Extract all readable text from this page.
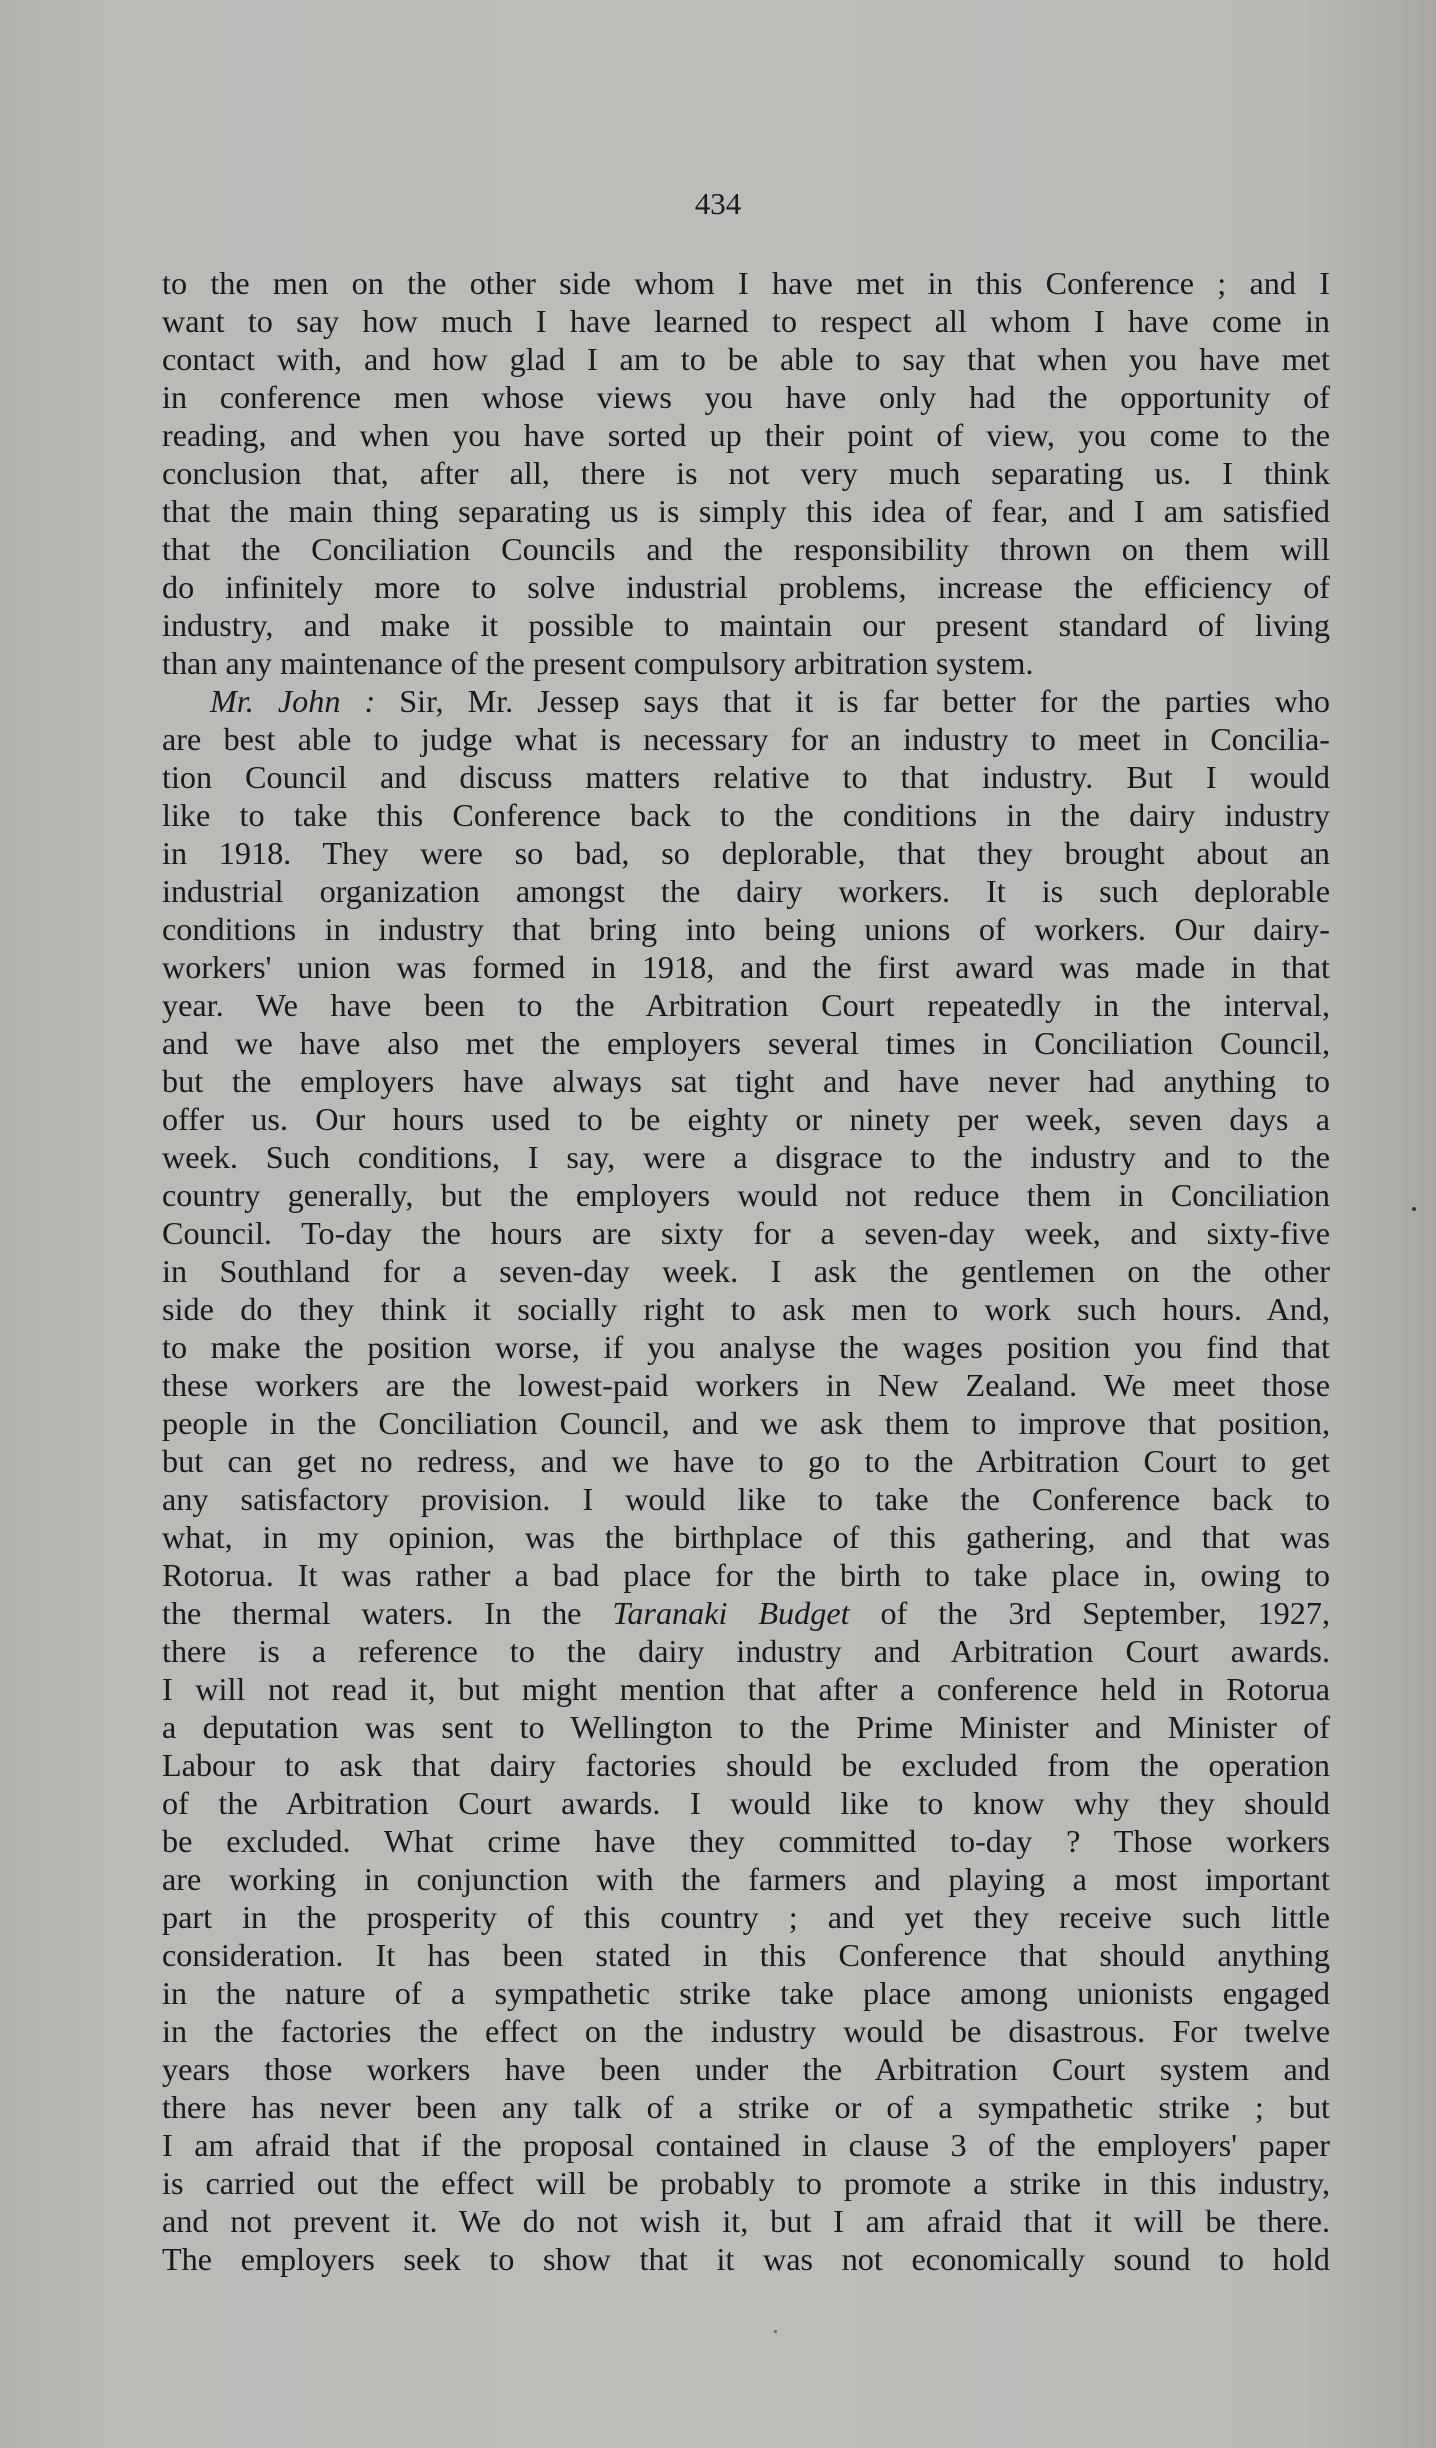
434
to the men on the other side whom I have met in this Conference ; and I
want to say how much I have learned to respect all whom I have come in
contact with, and how glad I am to be able to say that when you have met
in conference men whose views you have only had the opportunity of
reading, and when you have sorted up their point of view, you come to the
conclusion that, after all, there is not very much separating us. I think
that the main thing separating us is simply this idea of fear, and I am satisfied
that the Conciliation Councils and the responsibility thrown on them will
do infinitely more to solve industrial problems, increase the efficiency of
industry, and make it possible to maintain our present standard of living
than any maintenance of the present compulsory arbitration system.
Mr. John : Sir, Mr. Jessep says that it is far better for the parties who
are best able to judge what is necessary for an industry to meet in Concilia-
tion Council and discuss matters relative to that industry. But I would
like to take this Conference back to the conditions in the dairy industry
in 1918. They were so bad, so deplorable, that they brought about an
industrial organization amongst the dairy workers. It is such deplorable
conditions in industry that bring into being unions of workers. Our dairy-
workers' union was formed in 1918, and the first award was made in that
year. We have been to the Arbitration Court repeatedly in the interval,
and we have also met the employers several times in Conciliation Council,
but the employers have always sat tight and have never had anything to
offer us. Our hours used to be eighty or ninety per week, seven days a
week. Such conditions, I say, were a disgrace to the industry and to the
country generally, but the employers would not reduce them in Conciliation
Council. To-day the hours are sixty for a seven-day week, and sixty-five
in Southland for a seven-day week. I ask the gentlemen on the other
side do they think it socially right to ask men to work such hours. And,
to make the position worse, if you analyse the wages position you find that
these workers are the lowest-paid workers in New Zealand. We meet those
people in the Conciliation Council, and we ask them to improve that position,
but can get no redress, and we have to go to the Arbitration Court to get
any satisfactory provision. I would like to take the Conference back to
what, in my opinion, was the birthplace of this gathering, and that was
Rotorua. It was rather a bad place for the birth to take place in, owing to
the thermal waters. In the Taranaki Budget of the 3rd September, 1927,
there is a reference to the dairy industry and Arbitration Court awards.
I will not read it, but might mention that after a conference held in Rotorua
a deputation was sent to Wellington to the Prime Minister and Minister of
Labour to ask that dairy factories should be excluded from the operation
of the Arbitration Court awards. I would like to know why they should
be excluded. What crime have they committed to-day ? Those workers
are working in conjunction with the farmers and playing a most important
part in the prosperity of this country ; and yet they receive such little
consideration. It has been stated in this Conference that should anything
in the nature of a sympathetic strike take place among unionists engaged
in the factories the effect on the industry would be disastrous. For twelve
years those workers have been under the Arbitration Court system and
there has never been any talk of a strike or of a sympathetic strike ; but
I am afraid that if the proposal contained in clause 3 of the employers' paper
is carried out the effect will be probably to promote a strike in this industry,
and not prevent it. We do not wish it, but I am afraid that it will be there.
The employers seek to show that it was not economically sound to hold
